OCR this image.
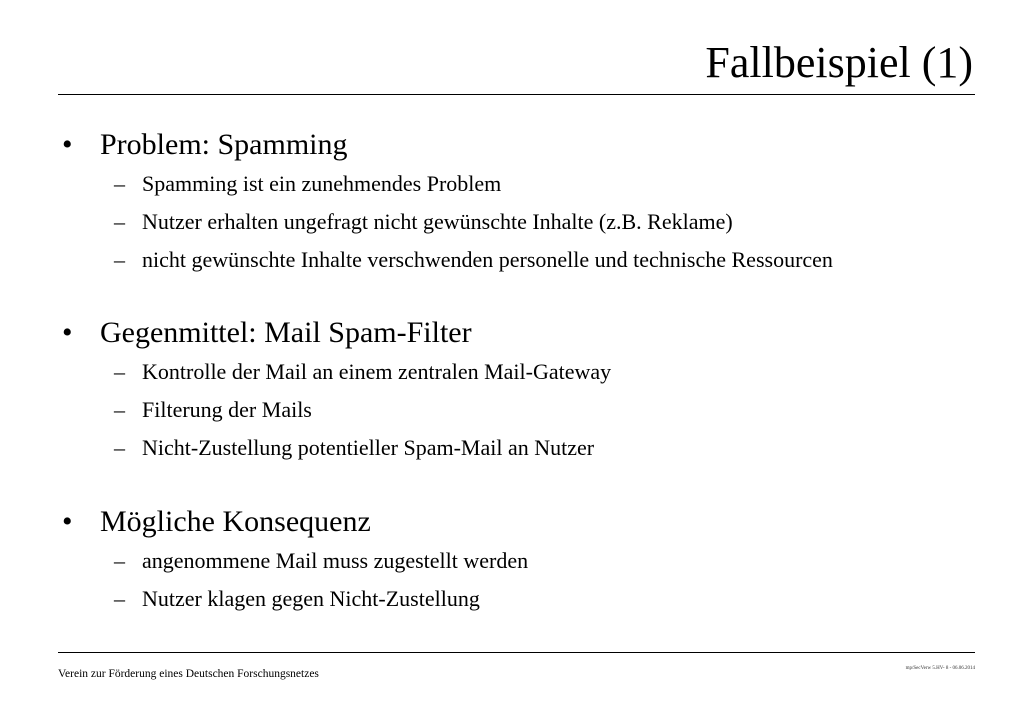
Fallbeispiel (1)
• Problem: Spamming
– Spamming ist ein zunehmendes Problem
– Nutzer erhalten ungefragt nicht gewünschte Inhalte (z.B. Reklame)
– nicht gewünschte Inhalte verschwenden personelle und technische Ressourcen
• Gegenmittel: Mail Spam-Filter
– Kontrolle der Mail an einem zentralen Mail-Gateway
– Filterung der Mails
– Nicht-Zustellung potentieller Spam-Mail an Nutzer
• Mögliche Konsequenz
– angenommene Mail muss zugestellt werden
– Nutzer klagen gegen Nicht-Zustellung
Verein zur Förderung eines Deutschen Forschungsnetzes	mp/SecVerw 5.HV- 8 - 06.06.2014
